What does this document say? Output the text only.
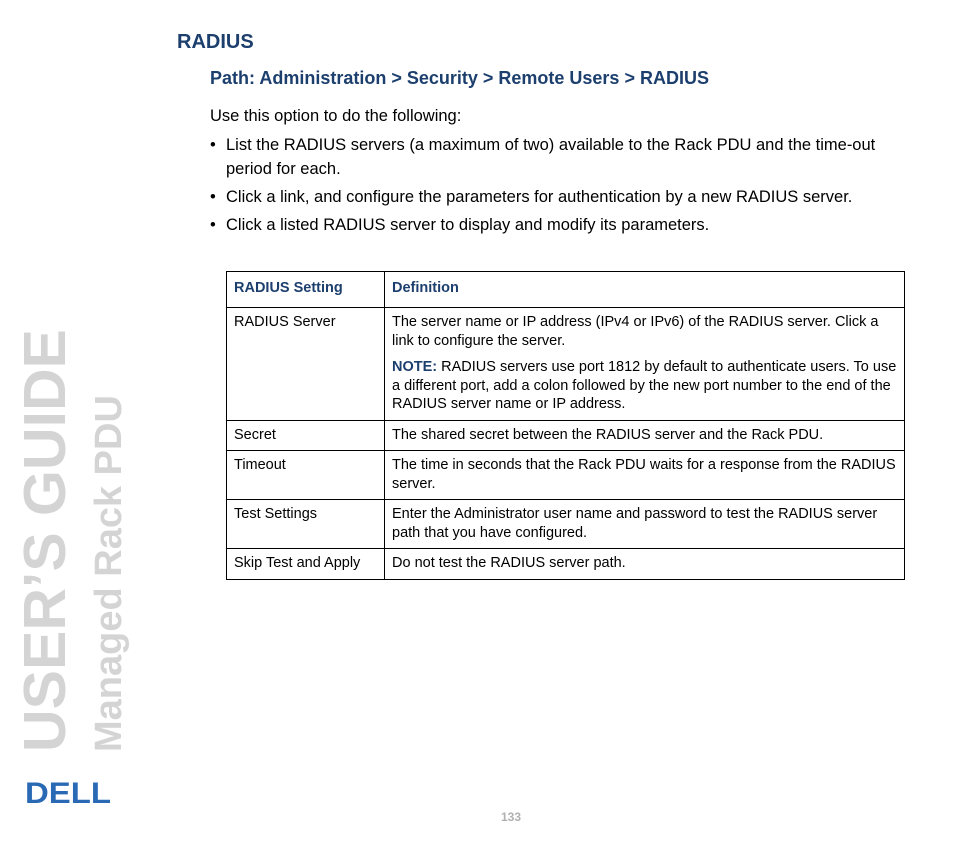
USER’S GUIDE Managed Rack PDU
DELL
RADIUS
Path: Administration > Security > Remote Users > RADIUS
Use this option to do the following:
• List the RADIUS servers (a maximum of two) available to the Rack PDU and the time-out period for each.
• Click a link, and configure the parameters for authentication by a new RADIUS server.
• Click a listed RADIUS server to display and modify its parameters.
RADIUS Setting	Definition
RADIUS Server	The server name or IP address (IPv4 or IPv6) of the RADIUS server. Click a link to configure the server.
NOTE: RADIUS servers use port 1812 by default to authenticate users. To use a different port, add a colon followed by the new port number to the end of the RADIUS server name or IP address.

Secret	The shared secret between the RADIUS server and the Rack PDU.
Timeout	The time in seconds that the Rack PDU waits for a response from the RADIUS server.
Test Settings	Enter the Administrator user name and password to test the RADIUS server path that you have configured.
Skip Test and Apply	Do not test the RADIUS server path.
133
